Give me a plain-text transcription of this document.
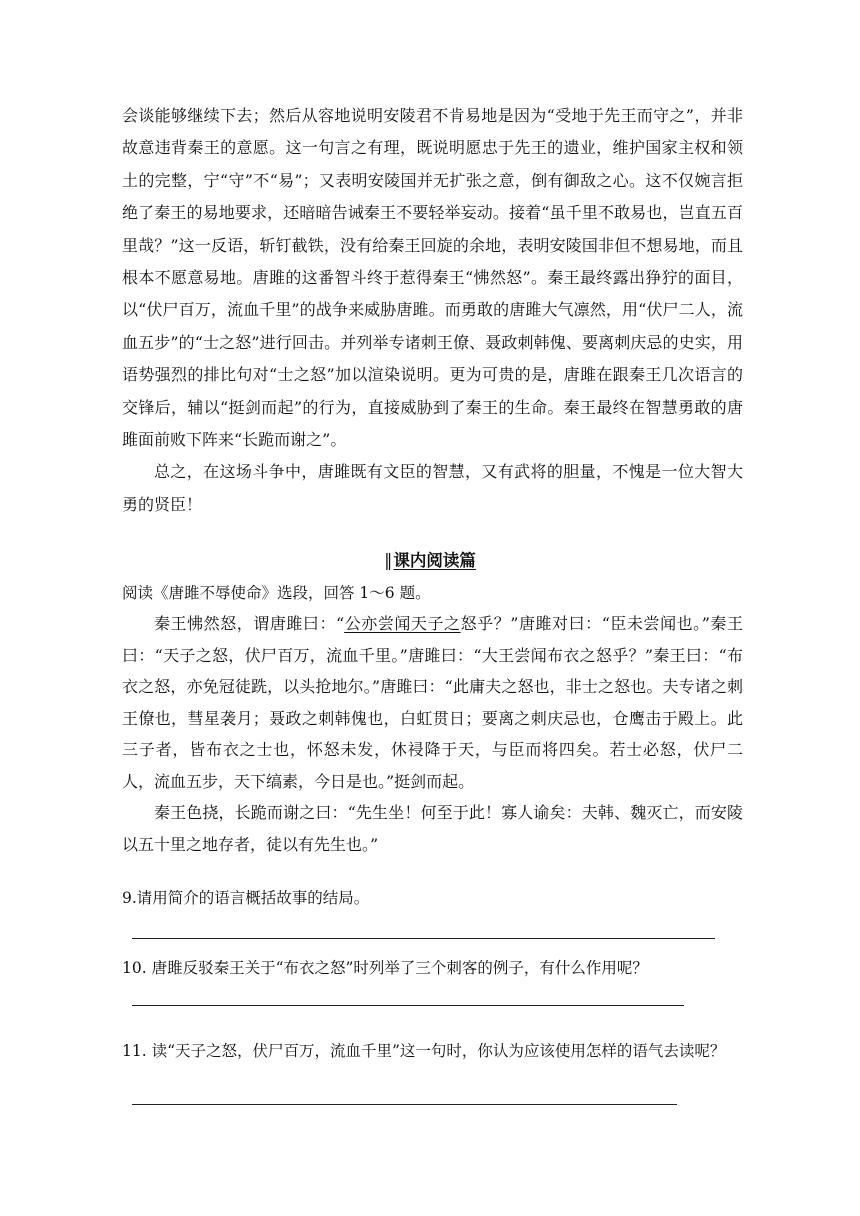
会谈能够继续下去；然后从容地说明安陵君不肯易地是因为“受地于先王而守之”，并非故意违背秦王的意愿。这一句言之有理，既说明愿忠于先王的遗业，维护国家主权和领土的完整，宁“守”不“易”；又表明安陵国并无扩张之意，倒有御敌之心。这不仅婉言拒绝了秦王的易地要求，还暗暗告诫秦王不要轻举妄动。接着“虽千里不敢易也，岂直五百里哉？”这一反语，斩钉截铁，没有给秦王回旋的余地，表明安陵国非但不想易地，而且根本不愿意易地。唐雎的这番智斗终于惹得秦王“怫然怒”。秦王最终露出狰狞的面目，以“伏尸百万，流血千里”的战争来威胁唐雎。而勇敢的唐雎大气凛然，用“伏尸二人，流血五步”的“士之怒”进行回击。并列举专诸刺王僚、聂政刺韩傀、要离刺庆忌的史实，用语势强烈的排比句对“士之怒”加以渲染说明。更为可贵的是，唐雎在跟秦王几次语言的交锋后，辅以“挺剑而起”的行为，直接威胁到了秦王的生命。秦王最终在智慧勇敢的唐雎面前败下阵来“长跪而谢之”。

总之，在这场斗争中，唐雎既有文臣的智慧，又有武将的胆量，不愧是一位大智大勇的贤臣！

‖课内阅读篇
阅读《唐雎不辱使命》选段，回答 1～6 题。

秦王怫然怒，谓唐雎曰：“公亦尝闻天子之怒乎？”唐雎对曰：“臣未尝闻也。”秦王曰：“天子之怒，伏尸百万，流血千里。”唐雎曰：“大王尝闻布衣之怒乎？”秦王曰：“布衣之怒，亦免冠徒跣，以头抢地尔。”唐雎曰：“此庸夫之怒也，非士之怒也。夫专诸之刺王僚也，彗星袭月；聂政之刺韩傀也，白虹贯日；要离之刺庆忌也，仓鹰击于殿上。此三子者，皆布衣之士也，怀怒未发，休祲降于天，与臣而将四矣。若士必怒，伏尸二人，流血五步，天下缟素，今日是也。”挺剑而起。

秦王色挠，长跪而谢之曰：“先生坐！何至于此！寡人谕矣：夫韩、魏灭亡，而安陵以五十里之地存者，徒以有先生也。”

9.请用简介的语言概括故事的结局。
10. 唐雎反驳秦王关于“布衣之怒”时列举了三个刺客的例子，有什么作用呢？
11. 读“天子之怒，伏尸百万，流血千里”这一句时，你认为应该使用怎样的语气去读呢？
